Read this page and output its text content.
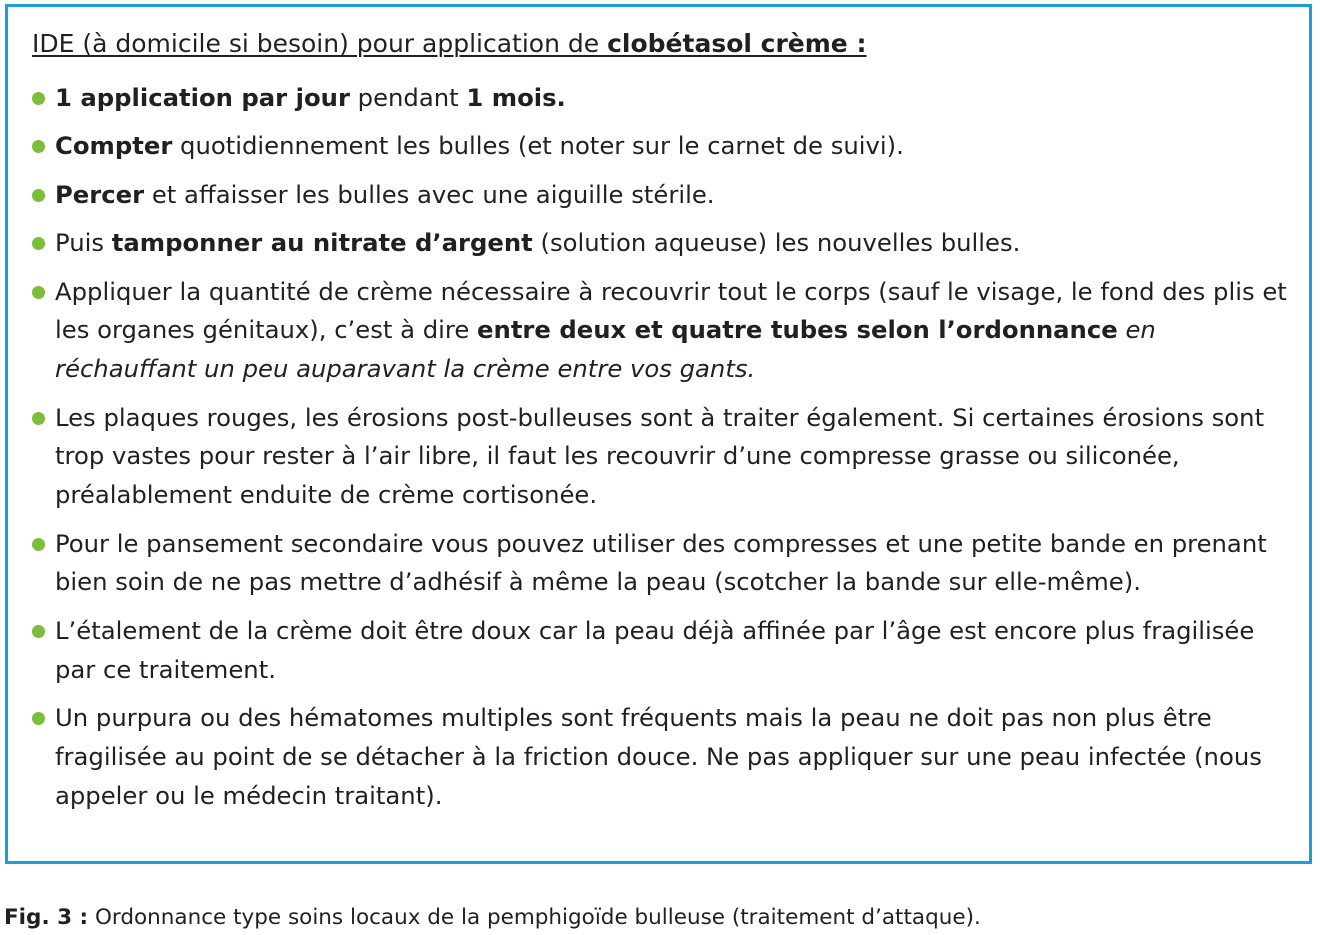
IDE (à domicile si besoin) pour application de clobétasol crème :
1 application par jour pendant 1 mois.
Compter quotidiennement les bulles (et noter sur le carnet de suivi).
Percer et affaisser les bulles avec une aiguille stérile.
Puis tamponner au nitrate d’argent (solution aqueuse) les nouvelles bulles.
Appliquer la quantité de crème nécessaire à recouvrir tout le corps (sauf le visage, le fond des plis et les organes génitaux), c’est à dire entre deux et quatre tubes selon l’ordonnance en réchauffant un peu auparavant la crème entre vos gants.
Les plaques rouges, les érosions post-bulleuses sont à traiter également. Si certaines érosions sont trop vastes pour rester à l’air libre, il faut les recouvrir d’une compresse grasse ou siliconée, préalablement enduite de crème cortisonée.
Pour le pansement secondaire vous pouvez utiliser des compresses et une petite bande en prenant bien soin de ne pas mettre d’adhésif à même la peau (scotcher la bande sur elle-même).
L’étalement de la crème doit être doux car la peau déjà affinée par l’âge est encore plus fragilisée par ce traitement.
Un purpura ou des hématomes multiples sont fréquents mais la peau ne doit pas non plus être fragilisée au point de se détacher à la friction douce. Ne pas appliquer sur une peau infectée (nous appeler ou le médecin traitant).
Fig. 3 : Ordonnance type soins locaux de la pemphigoïde bulleuse (traitement d’attaque).
